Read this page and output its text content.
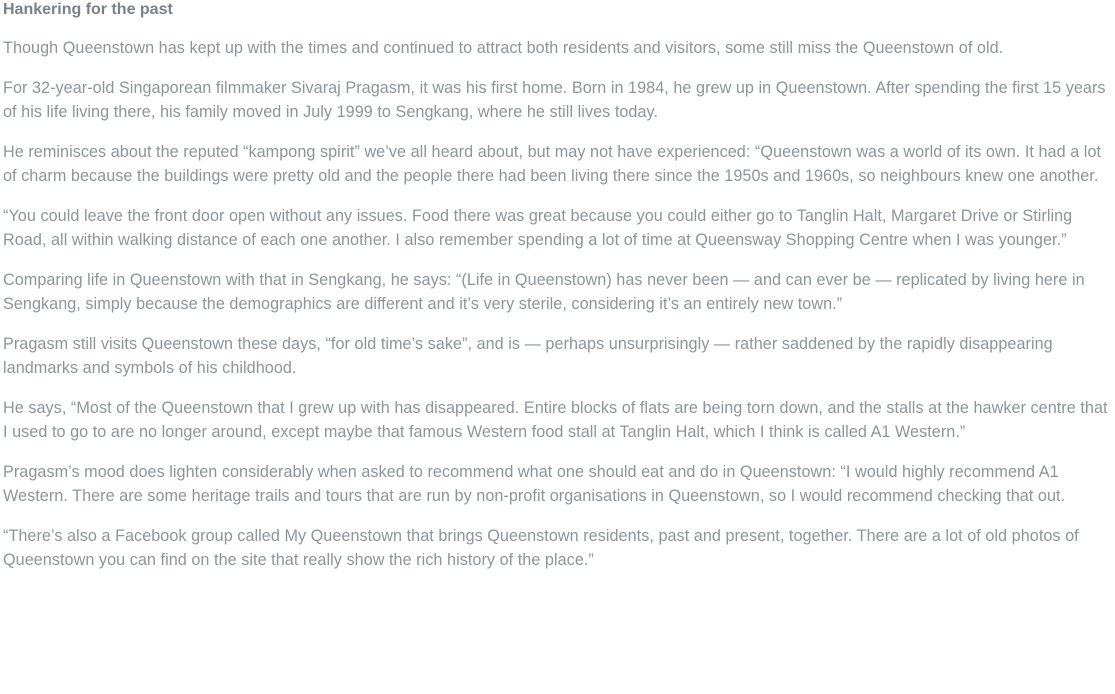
Hankering for the past

Though Queenstown has kept up with the times and continued to attract both residents and visitors, some still miss the Queenstown of old.

For 32-year-old Singaporean filmmaker Sivaraj Pragasm, it was his first home. Born in 1984, he grew up in Queenstown. After spending the first 15 years of his life living there, his family moved in July 1999 to Sengkang, where he still lives today.

He reminisces about the reputed “kampong spirit” we’ve all heard about, but may not have experienced: “Queenstown was a world of its own. It had a lot of charm because the buildings were pretty old and the people there had been living there since the 1950s and 1960s, so neighbours knew one another.

“You could leave the front door open without any issues. Food there was great because you could either go to Tanglin Halt, Margaret Drive or Stirling Road, all within walking distance of each one another. I also remember spending a lot of time at Queensway Shopping Centre when I was younger.”

Comparing life in Queenstown with that in Sengkang, he says: “(Life in Queenstown) has never been — and can ever be — replicated by living here in Sengkang, simply because the demographics are different and it’s very sterile, considering it’s an entirely new town.”

Pragasm still visits Queenstown these days, “for old time’s sake”, and is — perhaps unsurprisingly — rather saddened by the rapidly disappearing landmarks and symbols of his childhood.

He says, “Most of the Queenstown that I grew up with has disappeared. Entire blocks of flats are being torn down, and the stalls at the hawker centre that I used to go to are no longer around, except maybe that famous Western food stall at Tanglin Halt, which I think is called A1 Western.”

Pragasm’s mood does lighten considerably when asked to recommend what one should eat and do in Queenstown: “I would highly recommend A1 Western. There are some heritage trails and tours that are run by non-profit organisations in Queenstown, so I would recommend checking that out.

“There’s also a Facebook group called My Queenstown that brings Queenstown residents, past and present, together. There are a lot of old photos of Queenstown you can find on the site that really show the rich history of the place.”
